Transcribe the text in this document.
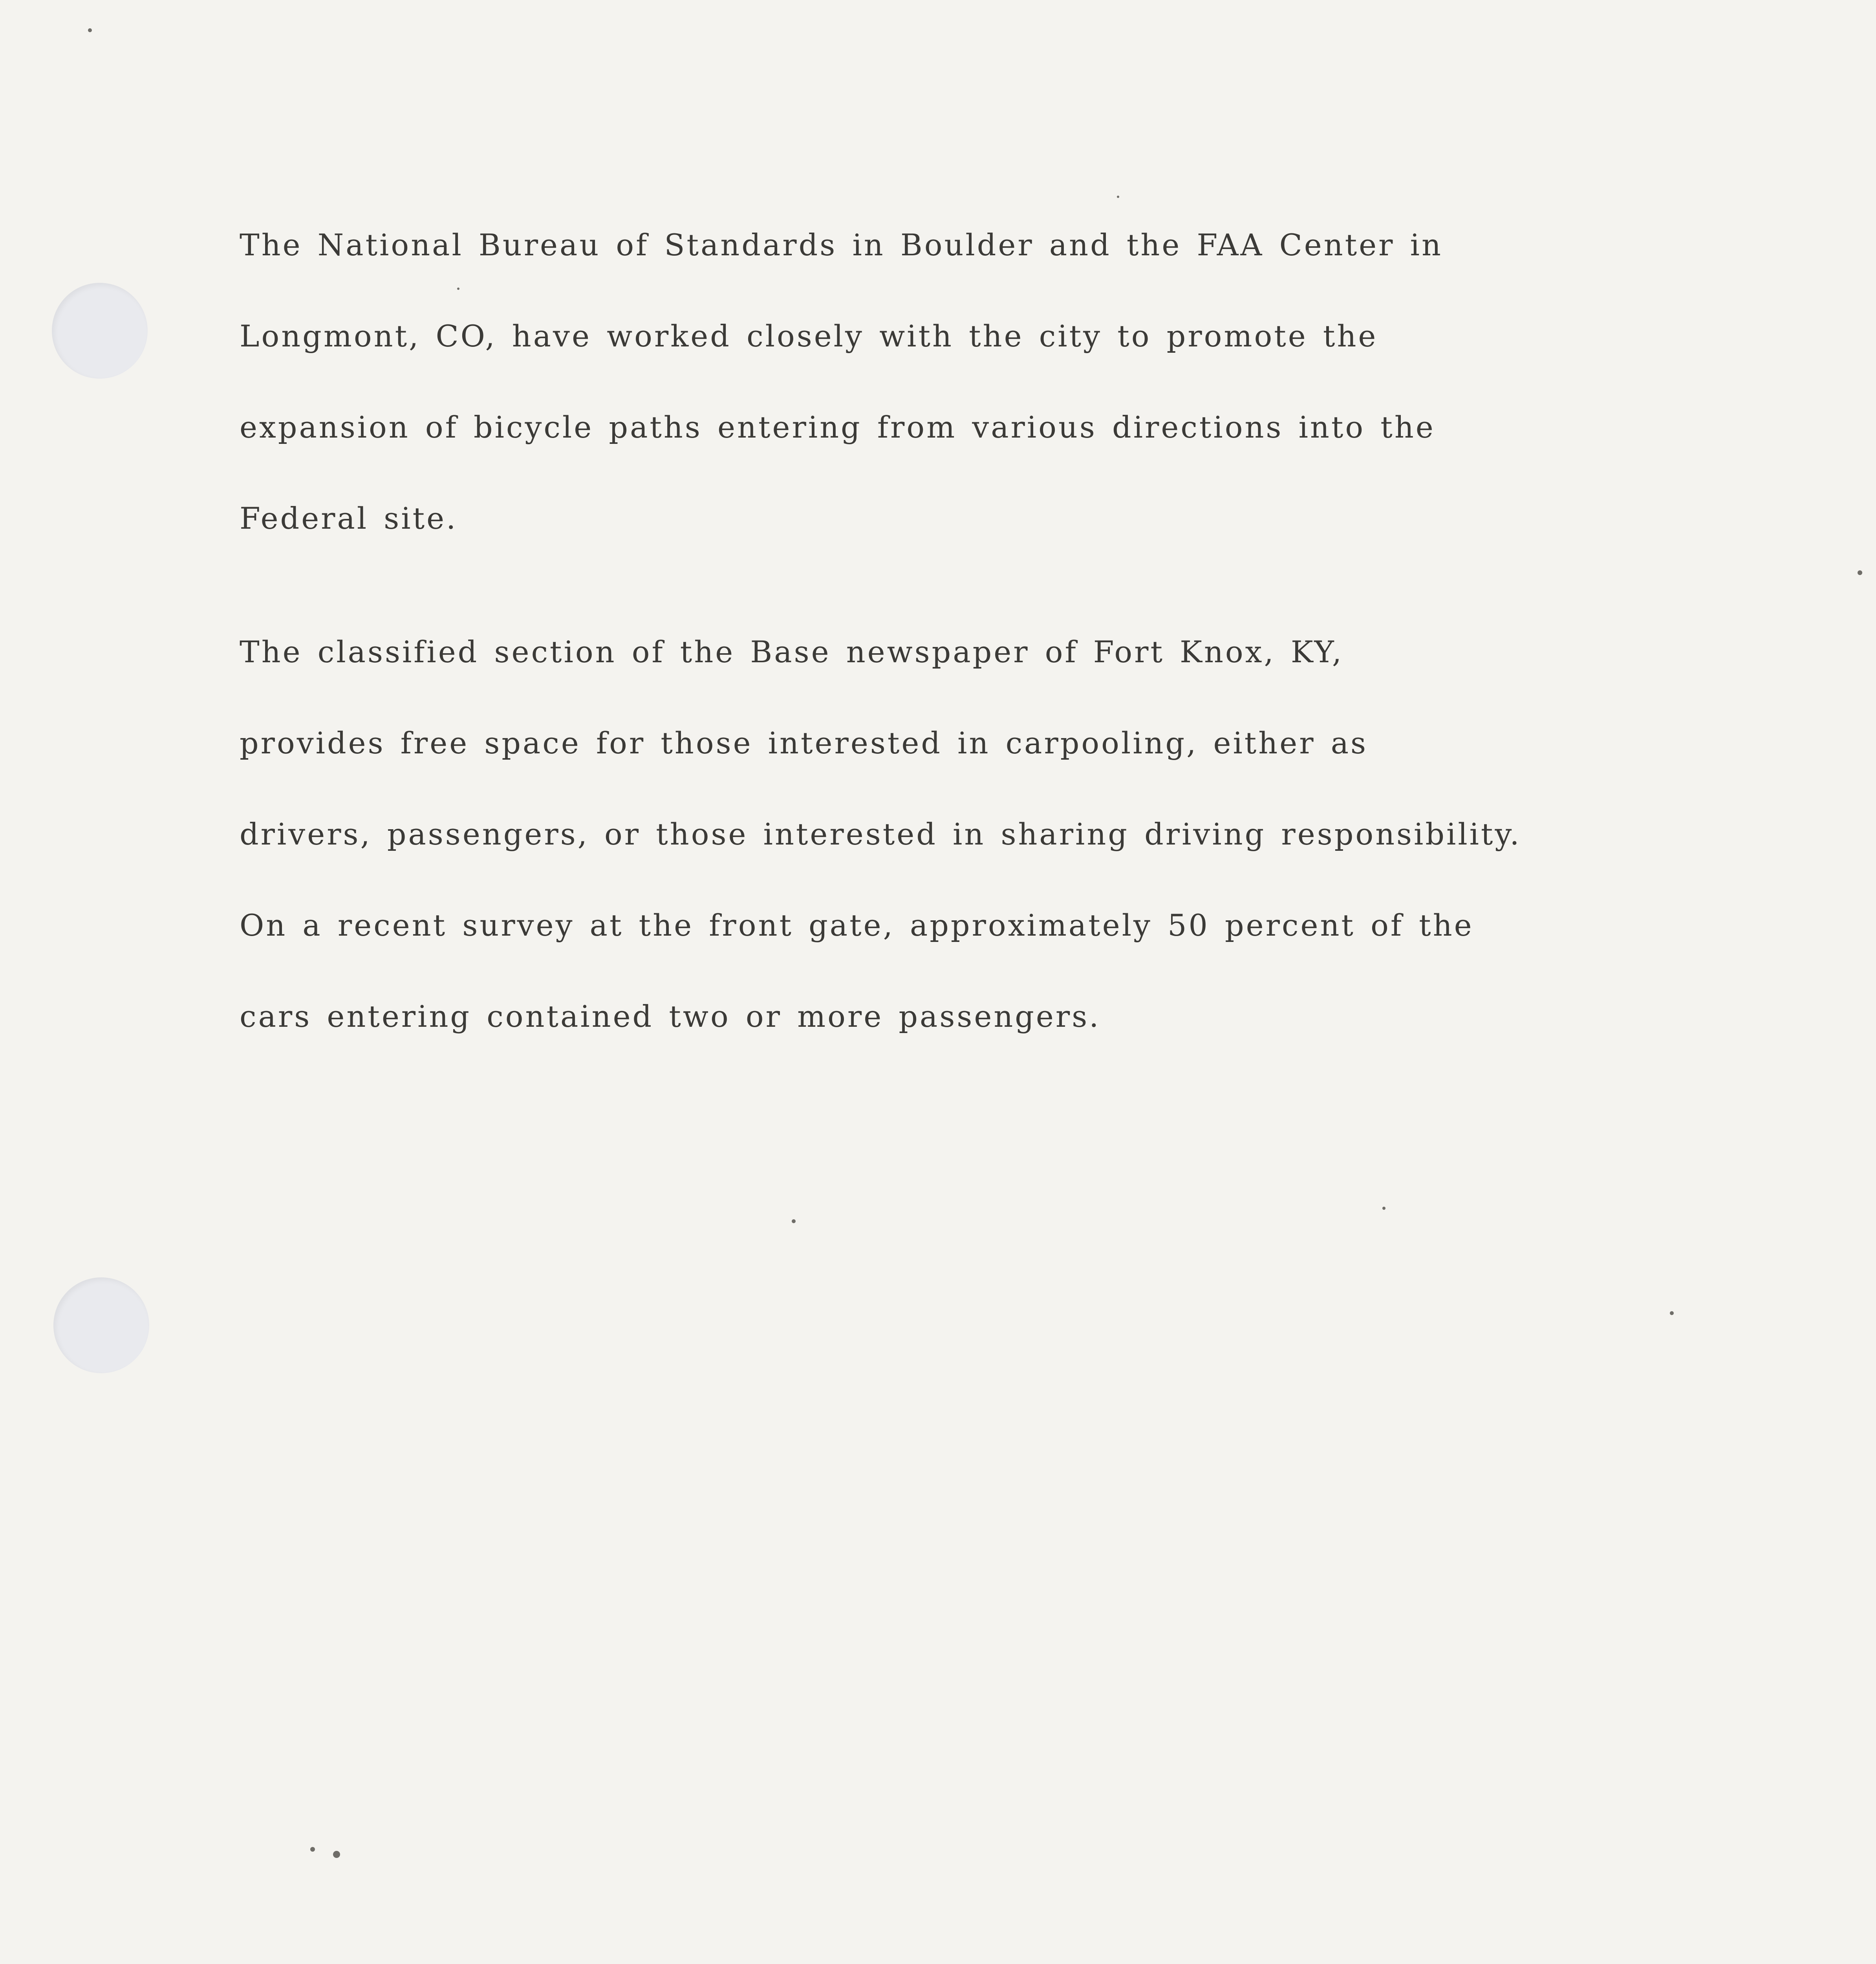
The National Bureau of Standards in Boulder and the FAA Center in
Longmont, CO, have worked closely with the city to promote the
expansion of bicycle paths entering from various directions into the
Federal site.
The classified section of the Base newspaper of Fort Knox, KY,
provides free space for those interested in carpooling, either as
drivers, passengers, or those interested in sharing driving responsibility.
On a recent survey at the front gate, approximately 50 percent of the
cars entering contained two or more passengers.
